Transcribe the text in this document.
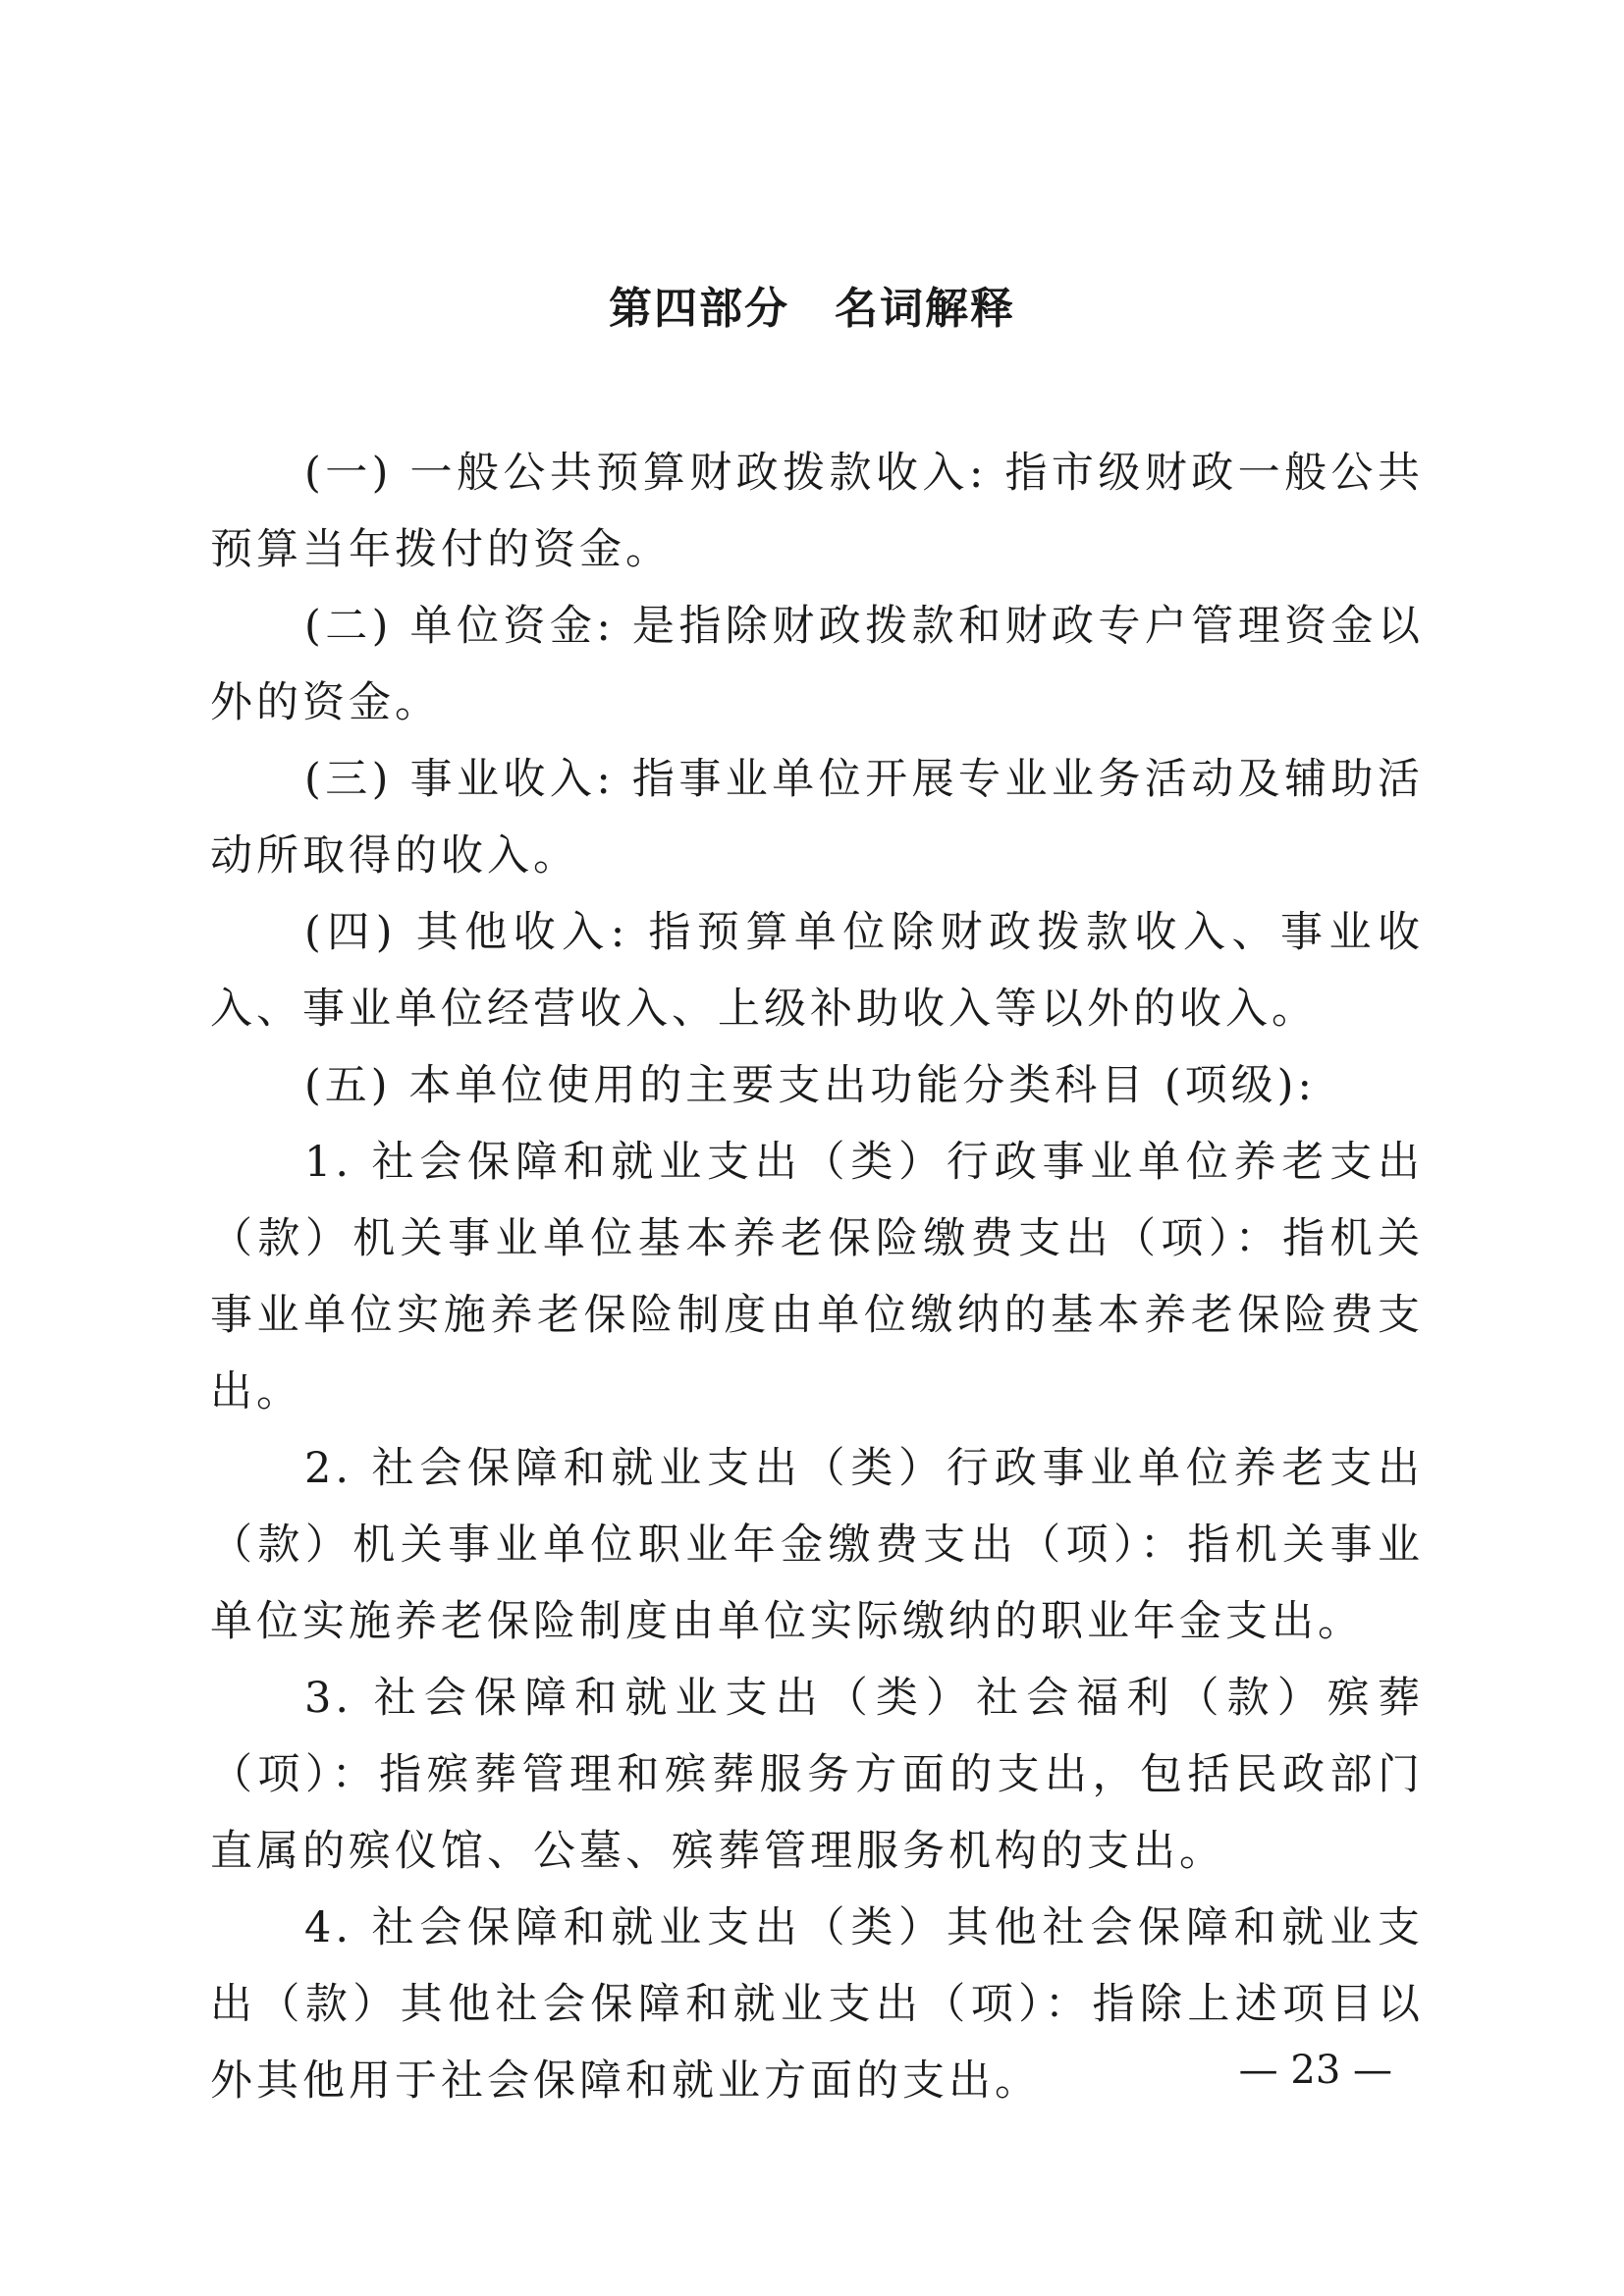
第四部分　名词解释

(一) 一般公共预算财政拨款收入: 指市级财政一般公共预算当年拨付的资金。

(二) 单位资金: 是指除财政拨款和财政专户管理资金以外的资金。

(三) 事业收入: 指事业单位开展专业业务活动及辅助活动所取得的收入。

(四) 其他收入: 指预算单位除财政拨款收入、事业收入、事业单位经营收入、上级补助收入等以外的收入。

(五) 本单位使用的主要支出功能分类科目 (项级):

1. 社会保障和就业支出（类）行政事业单位养老支出（款）机关事业单位基本养老保险缴费支出（项）：指机关事业单位实施养老保险制度由单位缴纳的基本养老保险费支出。

2. 社会保障和就业支出（类）行政事业单位养老支出（款）机关事业单位职业年金缴费支出（项）：指机关事业单位实施养老保险制度由单位实际缴纳的职业年金支出。

3. 社会保障和就业支出（类）社会福利（款）殡葬（项）：指殡葬管理和殡葬服务方面的支出，包括民政部门直属的殡仪馆、公墓、殡葬管理服务机构的支出。

4. 社会保障和就业支出（类）其他社会保障和就业支出（款）其他社会保障和就业支出（项）：指除上述项目以外其他用于社会保障和就业方面的支出。	— 23 —
